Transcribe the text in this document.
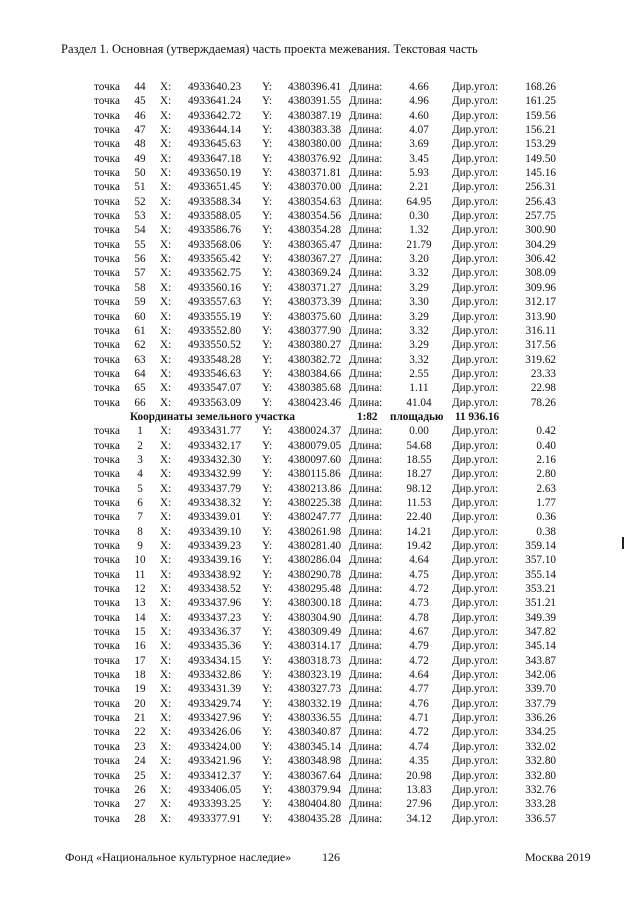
Раздел 1. Основная (утверждаемая) часть проекта межевания. Текстовая часть
точка	44	X: 4933640.23 Y: 4380396.41 Длина:	4.66	Дир.угол:	168.26
точка	45	X: 4933641.24 Y: 4380391.55 Длина:	4.96	Дир.угол:	161.25
точка	46	X: 4933642.72 Y: 4380387.19 Длина:	4.60	Дир.угол:	159.56
точка	47	X: 4933644.14 Y: 4380383.38 Длина:	4.07	Дир.угол:	156.21
точка	48	X: 4933645.63 Y: 4380380.00 Длина:	3.69	Дир.угол:	153.29
точка	49	X: 4933647.18 Y: 4380376.92 Длина:	3.45	Дир.угол:	149.50
точка	50	X: 4933650.19 Y: 4380371.81 Длина:	5.93	Дир.угол:	145.16
точка	51	X: 4933651.45 Y: 4380370.00 Длина:	2.21	Дир.угол:	256.31
точка	52	X: 4933588.34 Y: 4380354.63 Длина:	64.95	Дир.угол:	256.43
точка	53	X: 4933588.05 Y: 4380354.56 Длина:	0.30	Дир.угол:	257.75
точка	54	X: 4933586.76 Y: 4380354.28 Длина:	1.32	Дир.угол:	300.90
точка	55	X: 4933568.06 Y: 4380365.47 Длина:	21.79	Дир.угол:	304.29
точка	56	X: 4933565.42 Y: 4380367.27 Длина:	3.20	Дир.угол:	306.42
точка	57	X: 4933562.75 Y: 4380369.24 Длина:	3.32	Дир.угол:	308.09
точка	58	X: 4933560.16 Y: 4380371.27 Длина:	3.29	Дир.угол:	309.96
точка	59	X: 4933557.63 Y: 4380373.39 Длина:	3.30	Дир.угол:	312.17
точка	60	X: 4933555.19 Y: 4380375.60 Длина:	3.29	Дир.угол:	313.90
точка	61	X: 4933552.80 Y: 4380377.90 Длина:	3.32	Дир.угол:	316.11
точка	62	X: 4933550.52 Y: 4380380.27 Длина:	3.29	Дир.угол:	317.56
точка	63	X: 4933548.28 Y: 4380382.72 Длина:	3.32	Дир.угол:	319.62
точка	64	X: 4933546.63 Y: 4380384.66 Длина:	2.55	Дир.угол:	23.33
точка	65	X: 4933547.07 Y: 4380385.68 Длина:	1.11	Дир.угол:	22.98
точка	66	X: 4933563.09 Y: 4380423.46 Длина:	41.04	Дир.угол:	78.26
Координаты земельного участка	1:82 площадью 11 936.16
точка	1	X: 4933431.77 Y: 4380024.37 Длина:	0.00	Дир.угол:	0.42
точка	2	X: 4933432.17 Y: 4380079.05 Длина:	54.68	Дир.угол:	0.40
точка	3	X: 4933432.30 Y: 4380097.60 Длина:	18.55	Дир.угол:	2.16
точка	4	X: 4933432.99 Y: 4380115.86 Длина:	18.27	Дир.угол:	2.80
точка	5	X: 4933437.79 Y: 4380213.86 Длина:	98.12	Дир.угол:	2.63
точка	6	X: 4933438.32 Y: 4380225.38 Длина:	11.53	Дир.угол:	1.77
точка	7	X: 4933439.01 Y: 4380247.77 Длина:	22.40	Дир.угол:	0.36
точка	8	X: 4933439.10 Y: 4380261.98 Длина:	14.21	Дир.угол:	0.38
точка	9	X: 4933439.23 Y: 4380281.40 Длина:	19.42	Дир.угол:	359.14
точка	10	X: 4933439.16 Y: 4380286.04 Длина:	4.64	Дир.угол:	357.10
точка	11	X: 4933438.92 Y: 4380290.78 Длина:	4.75	Дир.угол:	355.14
точка	12	X: 4933438.52 Y: 4380295.48 Длина:	4.72	Дир.угол:	353.21
точка	13	X: 4933437.96 Y: 4380300.18 Длина:	4.73	Дир.угол:	351.21
точка	14	X: 4933437.23 Y: 4380304.90 Длина:	4.78	Дир.угол:	349.39
точка	15	X: 4933436.37 Y: 4380309.49 Длина:	4.67	Дир.угол:	347.82
точка	16	X: 4933435.36 Y: 4380314.17 Длина:	4.79	Дир.угол:	345.14
точка	17	X: 4933434.15 Y: 4380318.73 Длина:	4.72	Дир.угол:	343.87
точка	18	X: 4933432.86 Y: 4380323.19 Длина:	4.64	Дир.угол:	342.06
точка	19	X: 4933431.39 Y: 4380327.73 Длина:	4.77	Дир.угол:	339.70
точка	20	X: 4933429.74 Y: 4380332.19 Длина:	4.76	Дир.угол:	337.79
точка	21	X: 4933427.96 Y: 4380336.55 Длина:	4.71	Дир.угол:	336.26
точка	22	X: 4933426.06 Y: 4380340.87 Длина:	4.72	Дир.угол:	334.25
точка	23	X: 4933424.00 Y: 4380345.14 Длина:	4.74	Дир.угол:	332.02
точка	24	X: 4933421.96 Y: 4380348.98 Длина:	4.35	Дир.угол:	332.80
точка	25	X: 4933412.37 Y: 4380367.64 Длина:	20.98	Дир.угол:	332.80
точка	26	X: 4933406.05 Y: 4380379.94 Длина:	13.83	Дир.угол:	332.76
точка	27	X: 4933393.25 Y: 4380404.80 Длина:	27.96	Дир.угол:	333.28
точка	28	X: 4933377.91 Y: 4380435.28 Длина:	34.12	Дир.угол:	336.57
Фонд «Национальное культурное наследие»	126	Москва 2019
